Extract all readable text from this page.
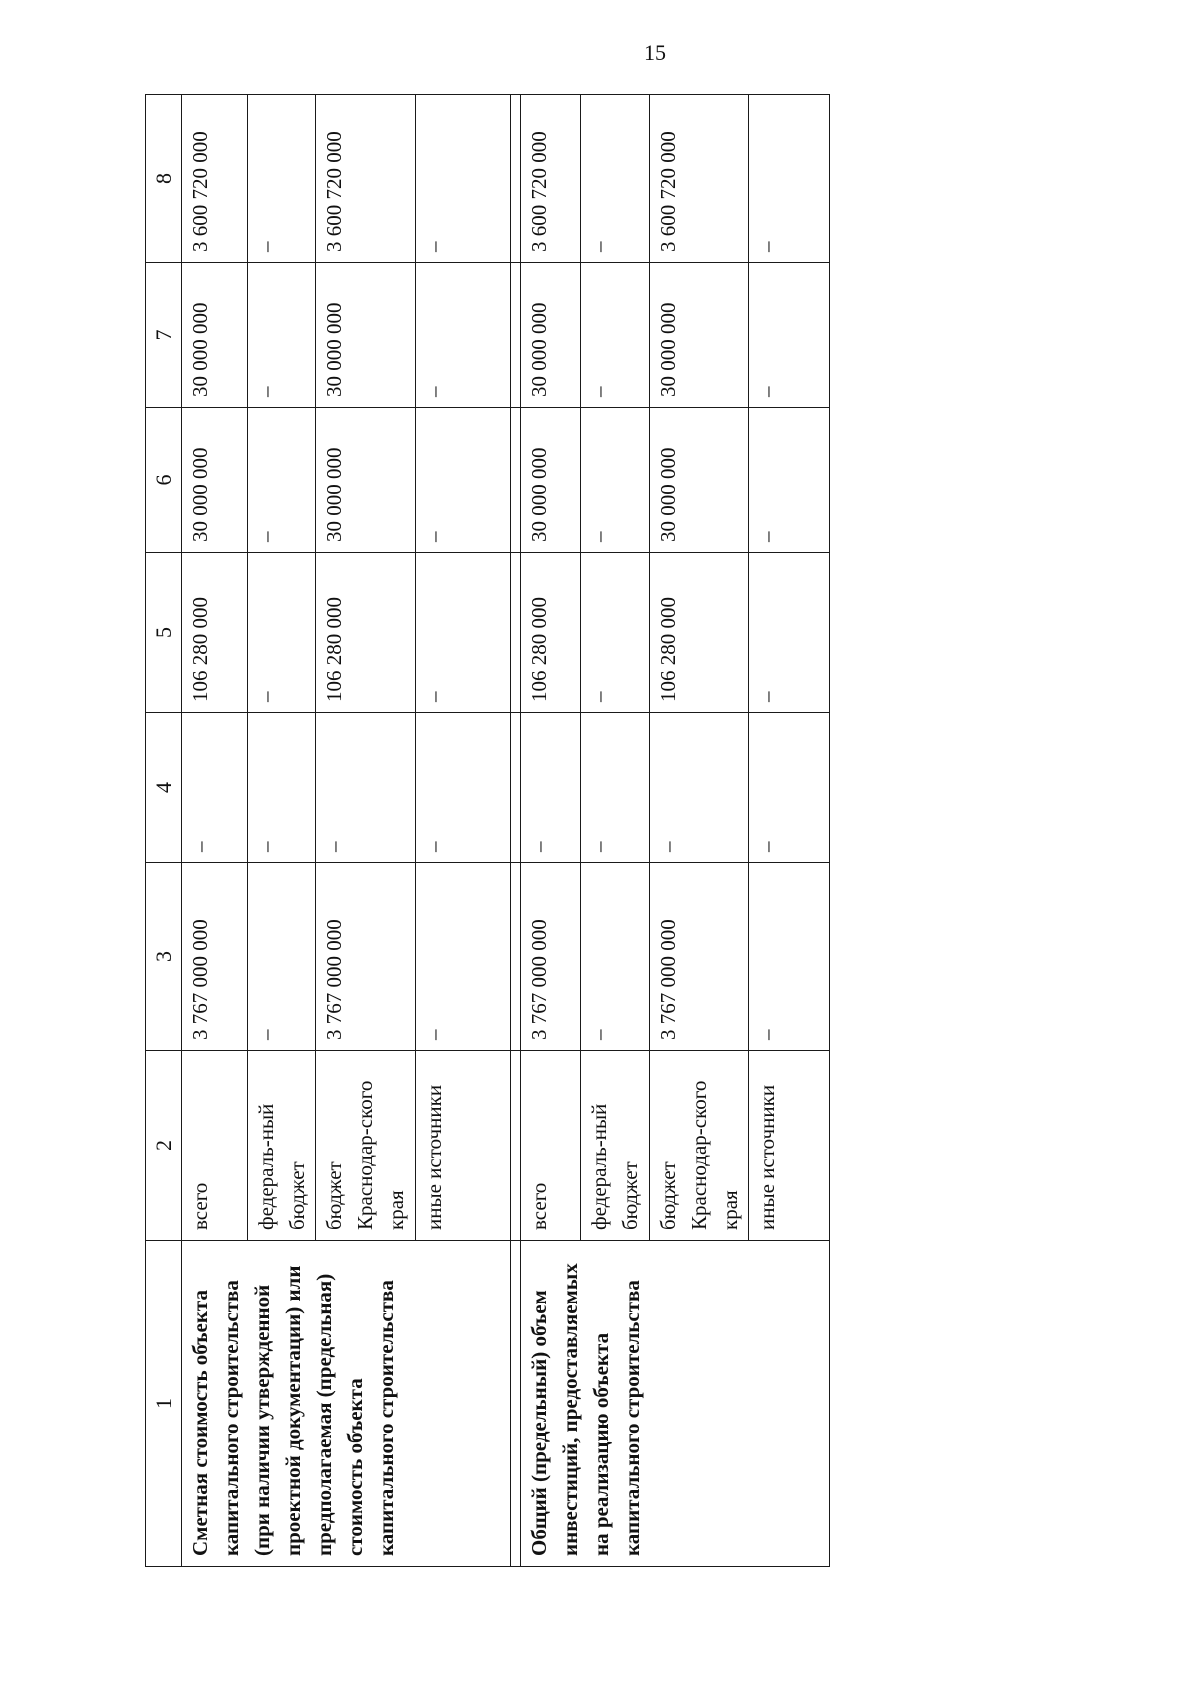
15
1	2	3	4	5	6	7	8
Сметная стоимость объекта капитального строительства (при наличии утвержденной проектной документации) или предполагаемая (предельная) стоимость объекта капитального строительства	всего	3 767 000 000	–	106 280 000	30 000 000	30 000 000	3 600 720 000
	федераль-ный бюджет	–	–	–	–	–	–
	бюджет Краснодар-ского края	3 767 000 000	–	106 280 000	30 000 000	30 000 000	3 600 720 000
	иные источники	–	–	–	–	–	–

Общий (предельный) объем инвестиций, предоставляемых на реализацию объекта капитального строительства	всего	3 767 000 000	–	106 280 000	30 000 000	30 000 000	3 600 720 000
	федераль-ный бюджет	–	–	–	–	–	–
	бюджет Краснодар-ского края	3 767 000 000	–	106 280 000	30 000 000	30 000 000	3 600 720 000
	иные источники	–	–	–	–	–	–
